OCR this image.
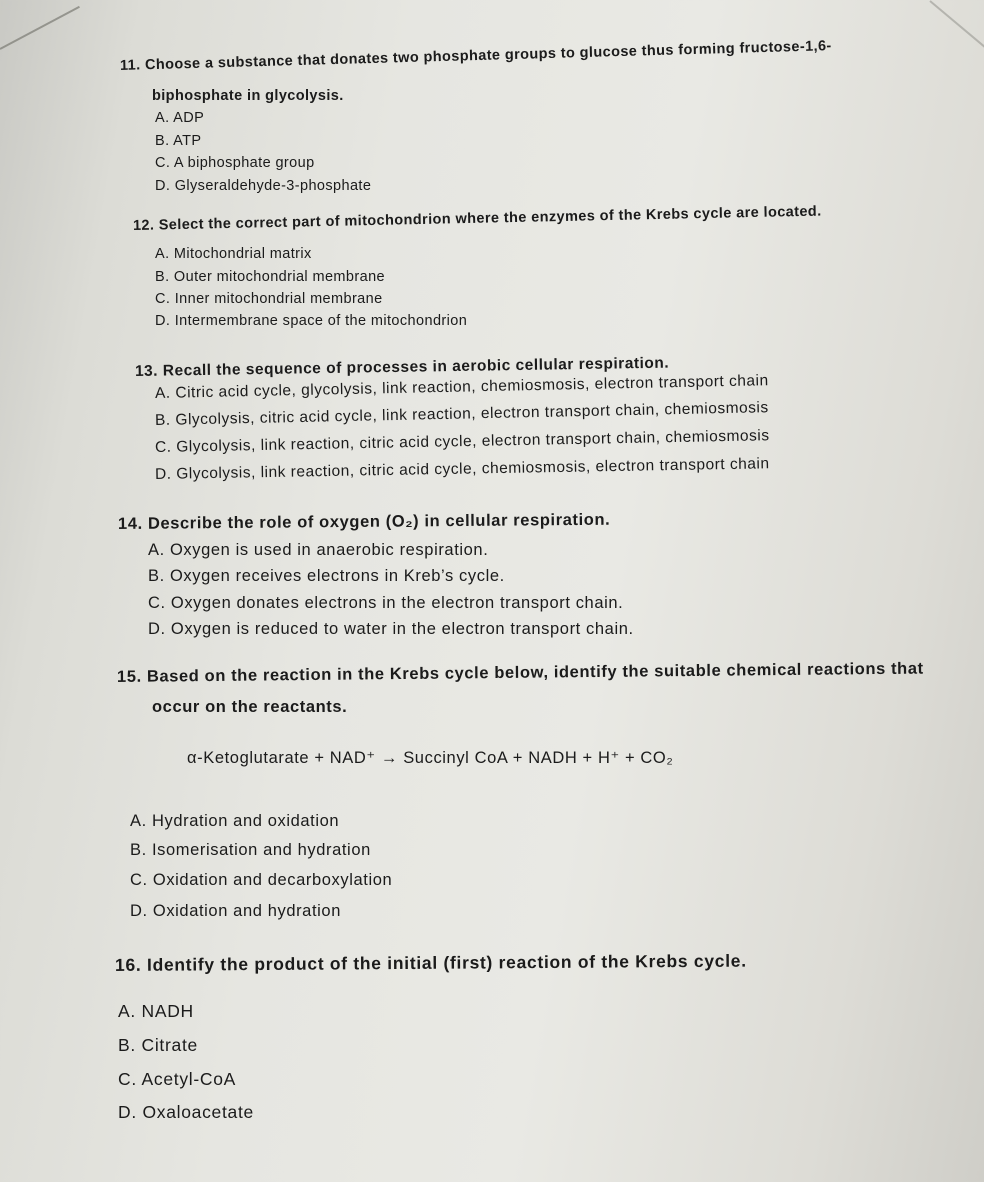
11. Choose a substance that donates two phosphate groups to glucose thus forming fructose-1,6-
biphosphate in glycolysis.
A. ADP
B. ATP
C. A biphosphate group
D. Glyseraldehyde-3-phosphate
12. Select the correct part of mitochondrion where the enzymes of the Krebs cycle are located.
A. Mitochondrial matrix
B. Outer mitochondrial membrane
C. Inner mitochondrial membrane
D. Intermembrane space of the mitochondrion
13. Recall the sequence of processes in aerobic cellular respiration.
A. Citric acid cycle, glycolysis, link reaction, chemiosmosis, electron transport chain
B. Glycolysis, citric acid cycle, link reaction, electron transport chain, chemiosmosis
C. Glycolysis, link reaction, citric acid cycle, electron transport chain, chemiosmosis
D. Glycolysis, link reaction, citric acid cycle, chemiosmosis, electron transport chain
14. Describe the role of oxygen (O₂) in cellular respiration.
A. Oxygen is used in anaerobic respiration.
B. Oxygen receives electrons in Kreb’s cycle.
C. Oxygen donates electrons in the electron transport chain.
D. Oxygen is reduced to water in the electron transport chain.
15. Based on the reaction in the Krebs cycle below, identify the suitable chemical reactions that
occur on the reactants.
α-Ketoglutarate + NAD⁺ → Succinyl CoA + NADH + H⁺ + CO₂
A. Hydration and oxidation
B. Isomerisation and hydration
C. Oxidation and decarboxylation
D. Oxidation and hydration
16. Identify the product of the initial (first) reaction of the Krebs cycle.
A. NADH
B. Citrate
C. Acetyl-CoA
D. Oxaloacetate
